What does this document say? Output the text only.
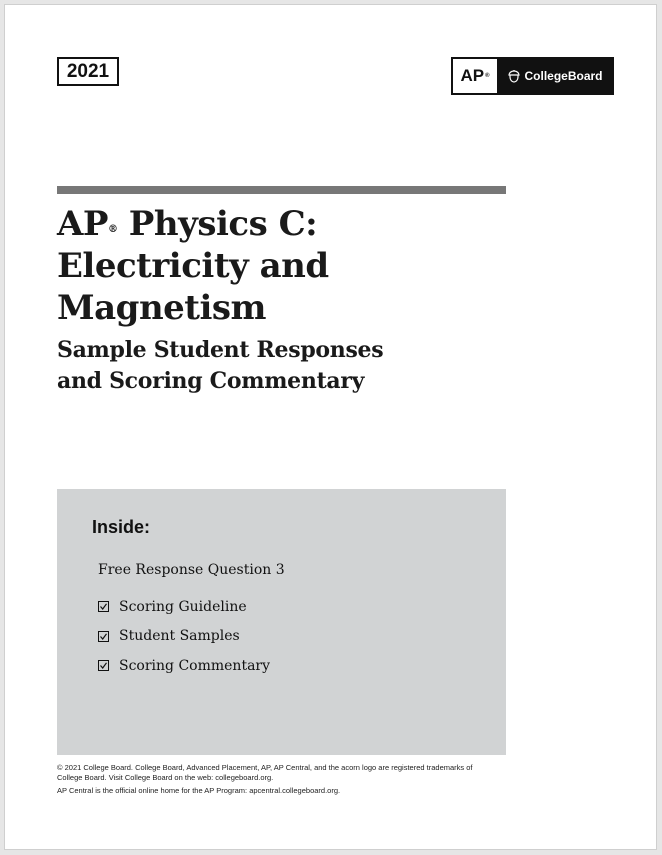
2021	AP ®	CollegeBoard
AP® Physics C:
Electricity and
Magnetism
Sample Student Responses
and Scoring Commentary
Inside:
Free Response Question 3
Scoring Guideline
Student Samples
Scoring Commentary

© 2021 College Board. College Board, Advanced Placement, AP, AP Central, and the acorn logo are registered trademarks of College Board. Visit College Board on the web: collegeboard.org.

AP Central is the official online home for the AP Program: apcentral.collegeboard.org.
